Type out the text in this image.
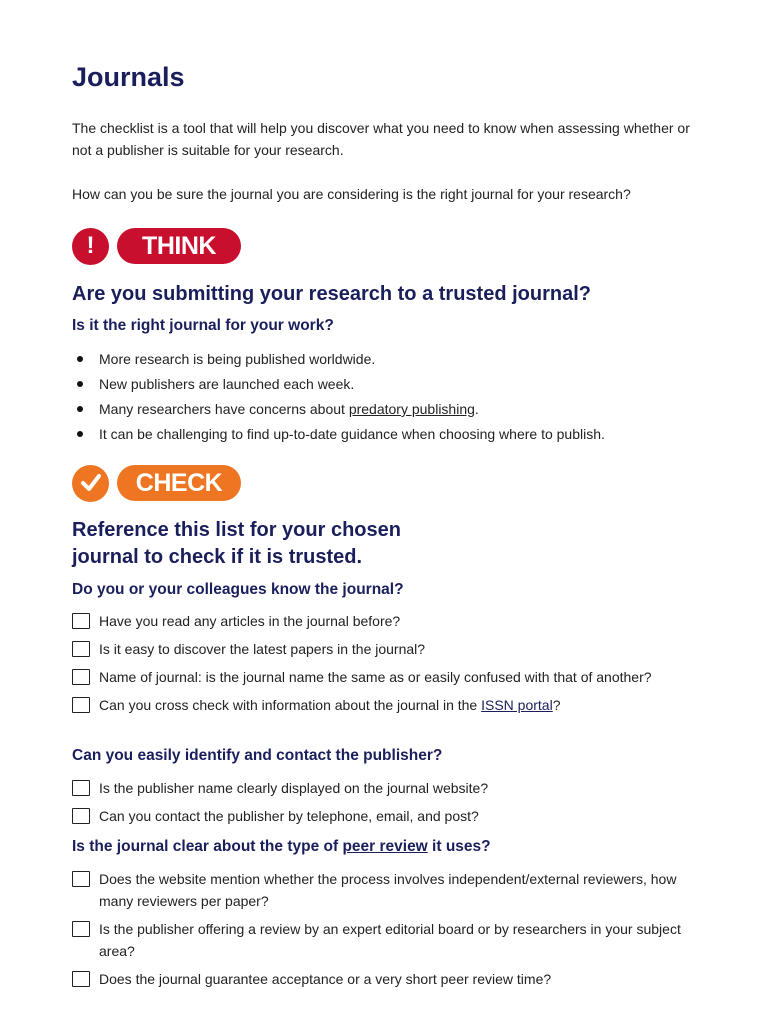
Journals

The checklist is a tool that will help you discover what you need to know when assessing whether or not a publisher is suitable for your research.

How can you be sure the journal you are considering is the right journal for your research?

!	THINK
Are you submitting your research to a trusted journal?
Is it the right journal for your work?
More research is being published worldwide.
New publishers are launched each week.
Many researchers have concerns about predatory publishing.
It can be challenging to find up-to-date guidance when choosing where to publish.
CHECK
Reference this list for your chosen
journal to check if it is trusted.
Do you or your colleagues know the journal?
Have you read any articles in the journal before?
Is it easy to discover the latest papers in the journal?
Name of journal: is the journal name the same as or easily confused with that of another?
Can you cross check with information about the journal in the ISSN portal?
Can you easily identify and contact the publisher?
Is the publisher name clearly displayed on the journal website?
Can you contact the publisher by telephone, email, and post?
Is the journal clear about the type of peer review it uses?
Does the website mention whether the process involves independent/external reviewers, how many reviewers per paper?
Is the publisher offering a review by an expert editorial board or by researchers in your subject area?
Does the journal guarantee acceptance or a very short peer review time?
